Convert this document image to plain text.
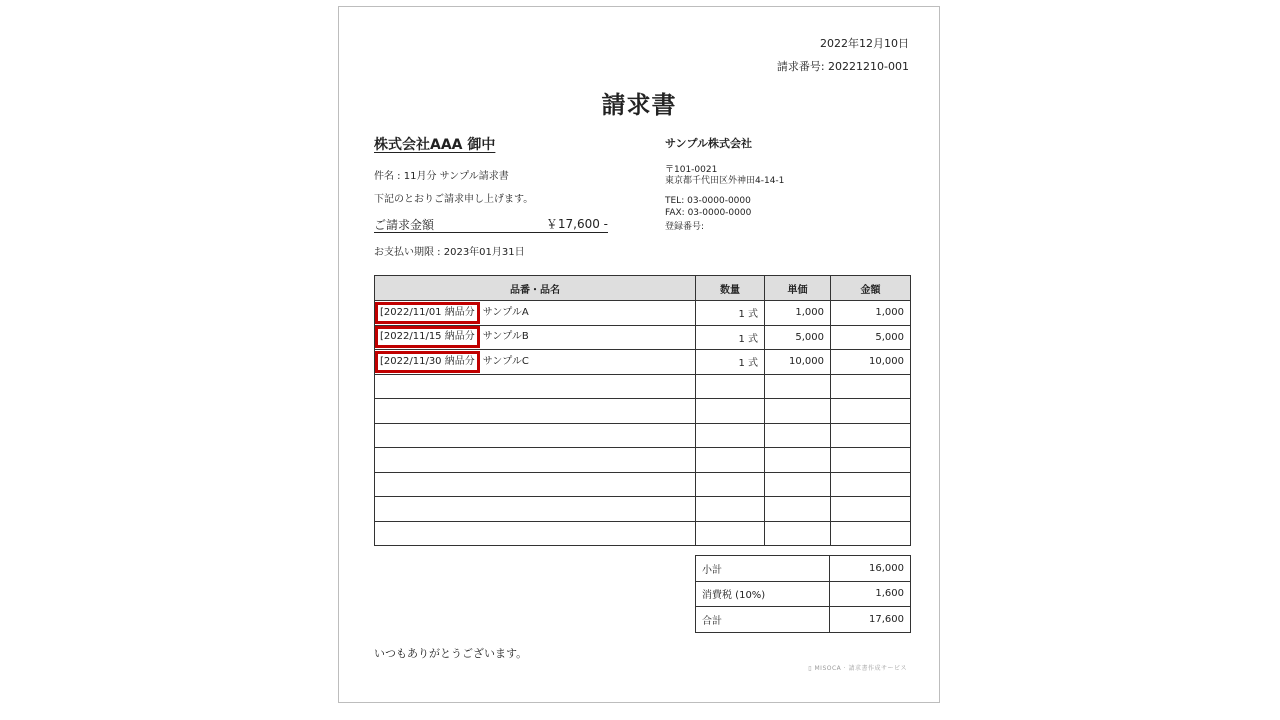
2022年12月10日
請求番号: 20221210-001
請求書
株式会社AAA 御中
件名 : 11月分 サンプル請求書
下記のとおりご請求申し上げます。
ご請求金額	￥17,600 -
お支払い期限 : 2023年01月31日
サンプル株式会社
〒101-0021
東京都千代田区外神田4-14-1
TEL: 03-0000-0000
FAX: 03-0000-0000
登録番号:
品番・品名	数量	単価	金額
[2022/11/01 納品分 サンプルA	1 式	1,000	1,000
[2022/11/15 納品分 サンプルB	1 式	5,000	5,000
[2022/11/30 納品分 サンプルC	1 式	10,000	10,000

小計	16,000
消費税 (10%)	1,600
合計	17,600
いつもありがとうございます。
▯ MISOCA · 請求書作成サービス
